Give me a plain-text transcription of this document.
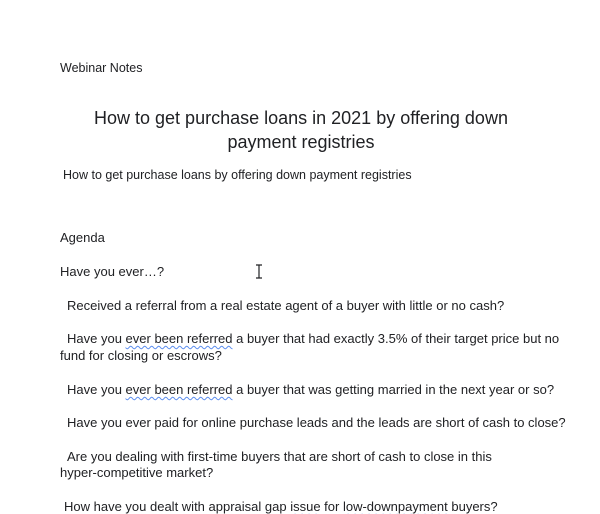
Webinar Notes
How to get purchase loans in 2021 by offering down payment registries
How to get purchase loans by offering down payment registries
Agenda
Have you ever…?
Received a referral from a real estate agent of a buyer with little or no cash?
Have you ever been referred a buyer that had exactly 3.5% of their target price but no
fund for closing or escrows?
Have you ever been referred a buyer that was getting married in the next year or so?
Have you ever paid for online purchase leads and the leads are short of cash to close?
Are you dealing with first-time buyers that are short of cash to close in this
hyper-competitive market?
How have you dealt with appraisal gap issue for low-downpayment buyers?
